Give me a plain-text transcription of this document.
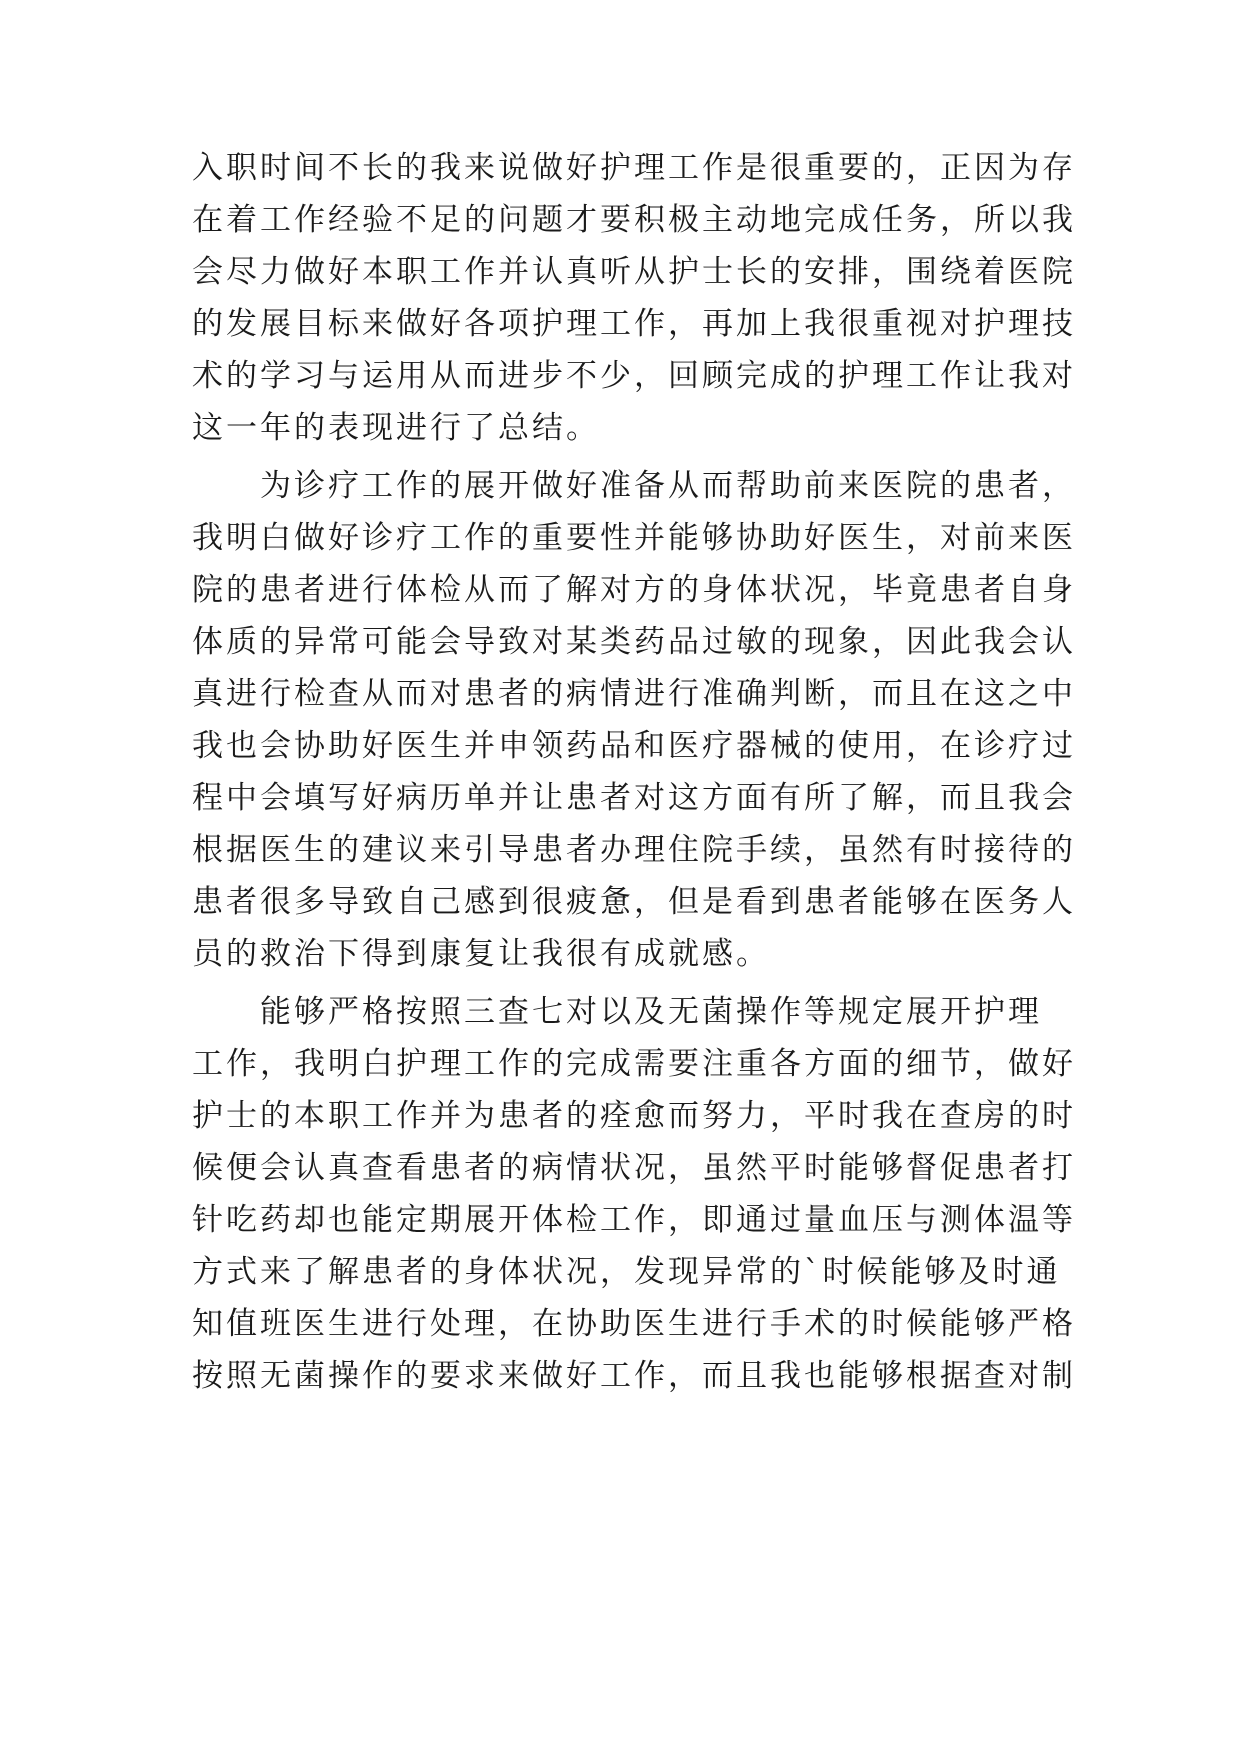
入职时间不长的我来说做好护理工作是很重要的，正因为存
在着工作经验不足的问题才要积极主动地完成任务，所以我
会尽力做好本职工作并认真听从护士长的安排，围绕着医院
的发展目标来做好各项护理工作，再加上我很重视对护理技
术的学习与运用从而进步不少，回顾完成的护理工作让我对
这一年的表现进行了总结。
为诊疗工作的展开做好准备从而帮助前来医院的患者，
我明白做好诊疗工作的重要性并能够协助好医生，对前来医
院的患者进行体检从而了解对方的身体状况，毕竟患者自身
体质的异常可能会导致对某类药品过敏的现象，因此我会认
真进行检查从而对患者的病情进行准确判断，而且在这之中
我也会协助好医生并申领药品和医疗器械的使用，在诊疗过
程中会填写好病历单并让患者对这方面有所了解，而且我会
根据医生的建议来引导患者办理住院手续，虽然有时接待的
患者很多导致自己感到很疲惫，但是看到患者能够在医务人
员的救治下得到康复让我很有成就感。
能够严格按照三查七对以及无菌操作等规定展开护理
工作，我明白护理工作的完成需要注重各方面的细节，做好
护士的本职工作并为患者的痊愈而努力，平时我在查房的时
候便会认真查看患者的病情状况，虽然平时能够督促患者打
针吃药却也能定期展开体检工作，即通过量血压与测体温等
方式来了解患者的身体状况，发现异常的`时候能够及时通
知值班医生进行处理，在协助医生进行手术的时候能够严格
按照无菌操作的要求来做好工作，而且我也能够根据查对制
